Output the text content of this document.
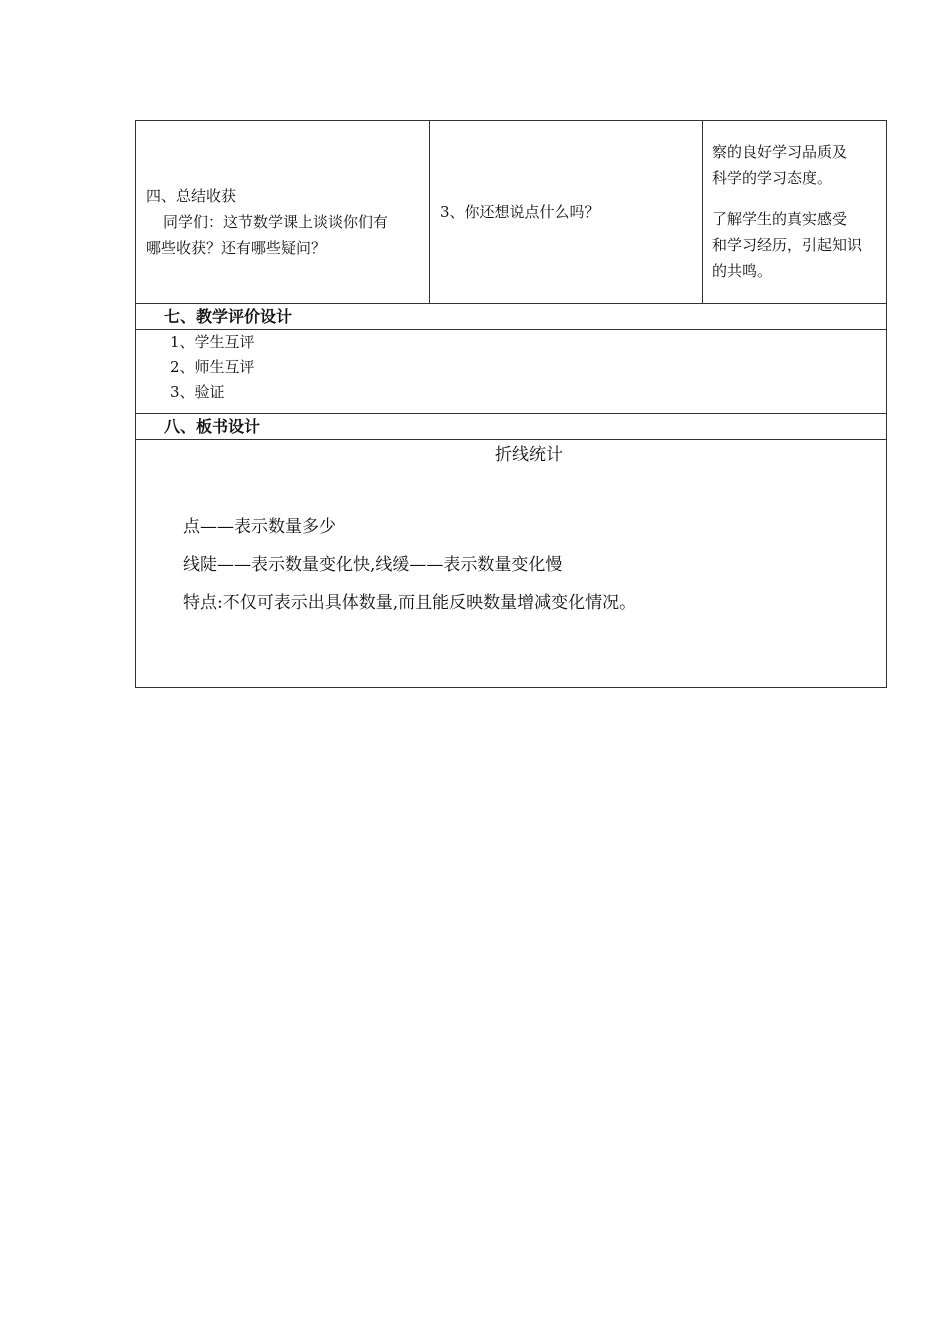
四、总结收获
同学们：这节数学课上谈谈你们有
哪些收获？还有哪些疑问？
3、你还想说点什么吗？
察的良好学习品质及
科学的学习态度。
了解学生的真实感受
和学习经历，引起知识
的共鸣。
七、教学评价设计
1、学生互评
2、师生互评
3、验证
八、板书设计
折线统计
点——表示数量多少
线陡——表示数量变化快,线缓——表示数量变化慢
特点:不仅可表示出具体数量,而且能反映数量增减变化情况。
